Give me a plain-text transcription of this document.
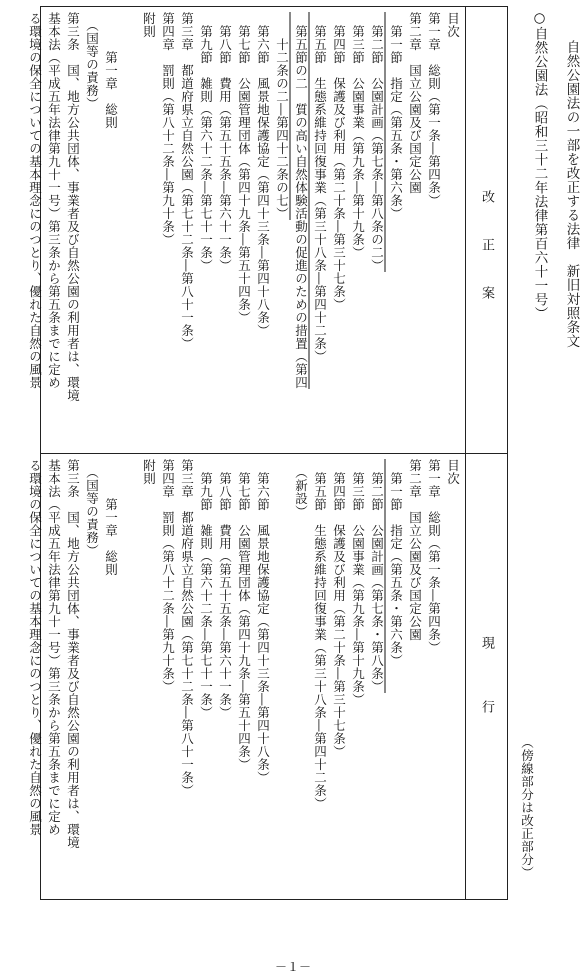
自然公園法の一部を改正する法律　新旧対照条文
○自然公園法（昭和三十二年法律第百六十一号）
（傍線部分は改正部分）
改　　正　　案
現　　　行
目次
第一章　総則（第一条―第四条）
第二章　国立公園及び国定公園
　第一節　指定（第五条・第六条）
　第二節　公園計画（第七条―第八条の二）
　第三節　公園事業（第九条―第十九条）
　第四節　保護及び利用（第二十条―第三十七条）
　第五節　生態系維持回復事業（第三十八条―第四十二条）
　第五節の二　質の高い自然体験活動の促進のための措置（第四
　　十二条の二―第四十二条の七）
　第六節　風景地保護協定（第四十三条―第四十八条）
　第七節　公園管理団体（第四十九条―第五十四条）
　第八節　費用（第五十五条―第六十一条）
　第九節　雑則（第六十二条―第七十一条）
第三章　都道府県立自然公園（第七十二条―第八十一条）
第四章　罰則（第八十二条―第九十条）
附則
　　　第一章　総則
　（国等の責務）
第三条　国、地方公共団体、事業者及び自然公園の利用者は、環境
基本法（平成五年法律第九十一号）第三条から第五条までに定め
る環境の保全についての基本理念にのつとり、優れた自然の風景
目次
第一章　総則（第一条―第四条）
第二章　国立公園及び国定公園
　第一節　指定（第五条・第六条）
　第二節　公園計画（第七条・第八条）
　第三節　公園事業（第九条―第十九条）
　第四節　保護及び利用（第二十条―第三十七条）
　第五節　生態系維持回復事業（第三十八条―第四十二条）
　（新設）
　第六節　風景地保護協定（第四十三条―第四十八条）
　第七節　公園管理団体（第四十九条―第五十四条）
　第八節　費用（第五十五条―第六十一条）
　第九節　雑則（第六十二条―第七十一条）
第三章　都道府県立自然公園（第七十二条―第八十一条）
第四章　罰則（第八十二条―第九十条）
附則
　　　第一章　総則
　（国等の責務）
第三条　国、地方公共団体、事業者及び自然公園の利用者は、環境
基本法（平成五年法律第九十一号）第三条から第五条までに定め
る環境の保全についての基本理念にのつとり、優れた自然の風景
－１－
